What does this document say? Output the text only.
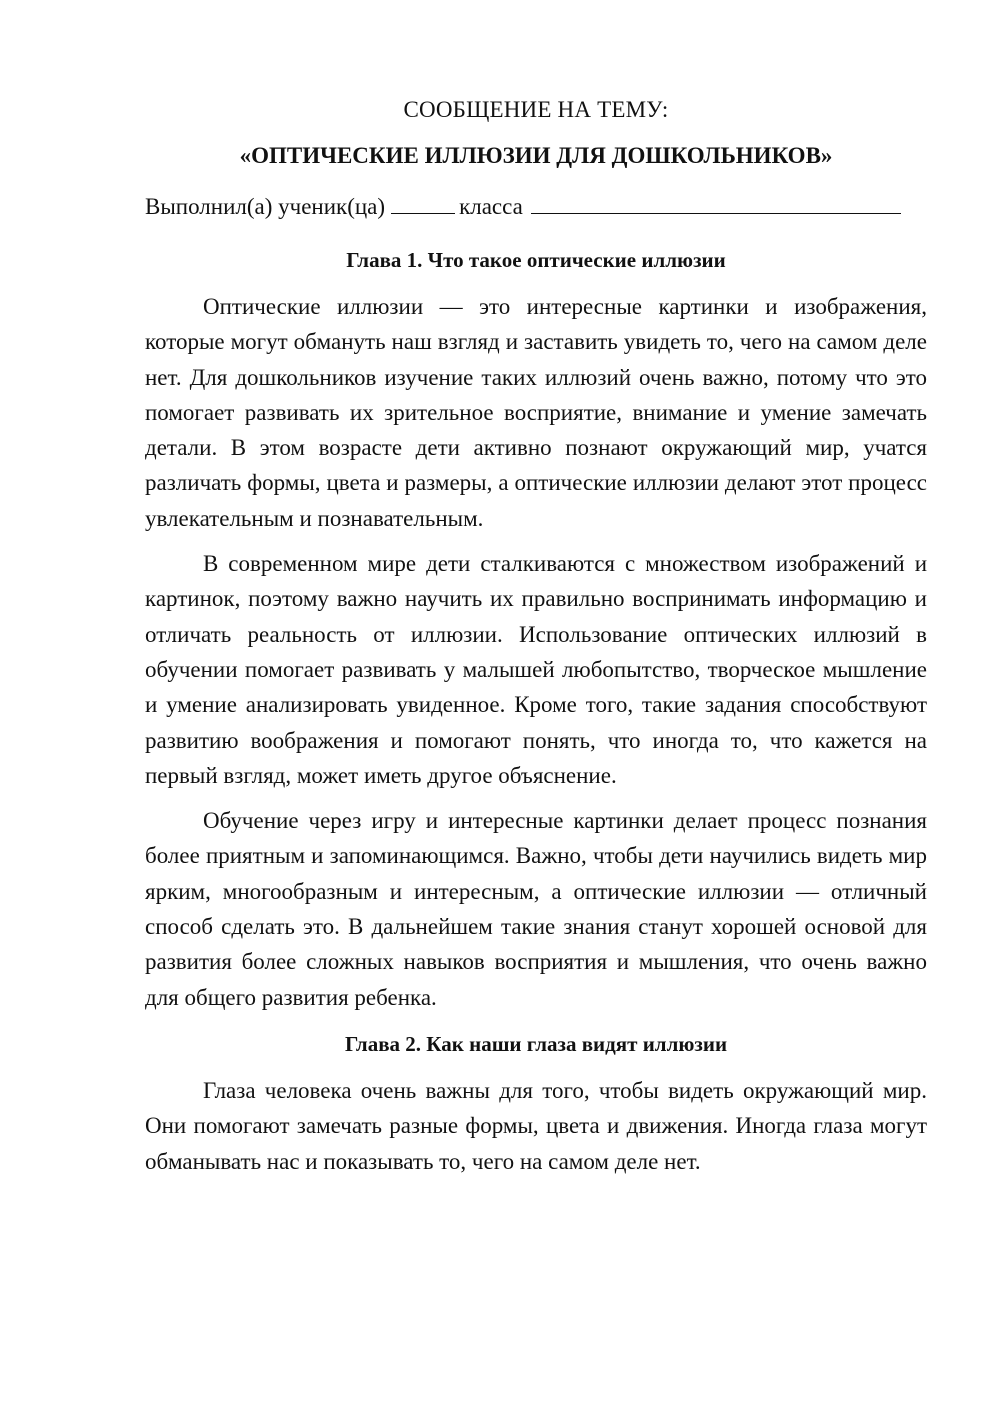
СООБЩЕНИЕ НА ТЕМУ:
«ОПТИЧЕСКИЕ ИЛЛЮЗИИ ДЛЯ ДОШКОЛЬНИКОВ»
Выполнил(а) ученик(ца)	класса
Глава 1. Что такое оптические иллюзии

Оптические иллюзии — это интересные картинки и изображения, которые могут обмануть наш взгляд и заставить увидеть то, чего на самом деле нет. Для дошкольников изучение таких иллюзий очень важно, потому что это помогает развивать их зрительное восприятие, внимание и умение замечать детали. В этом возрасте дети активно познают окружающий мир, учатся различать формы, цвета и размеры, а оптические иллюзии делают этот процесс увлекательным и познавательным.

В современном мире дети сталкиваются с множеством изображений и картинок, поэтому важно научить их правильно воспринимать информацию и отличать реальность от иллюзии. Использование оптических иллюзий в обучении помогает развивать у малышей любопытство, творческое мышление и умение анализировать увиденное. Кроме того, такие задания способствуют развитию воображения и помогают понять, что иногда то, что кажется на первый взгляд, может иметь другое объяснение.

Обучение через игру и интересные картинки делает процесс познания более приятным и запоминающимся. Важно, чтобы дети научились видеть мир ярким, многообразным и интересным, а оптические иллюзии — отличный способ сделать это. В дальнейшем такие знания станут хорошей основой для развития более сложных навыков восприятия и мышления, что очень важно для общего развития ребенка.

Глава 2. Как наши глаза видят иллюзии

Глаза человека очень важны для того, чтобы видеть окружающий мир. Они помогают замечать разные формы, цвета и движения. Иногда глаза могут обманывать нас и показывать то, чего на самом деле нет.
